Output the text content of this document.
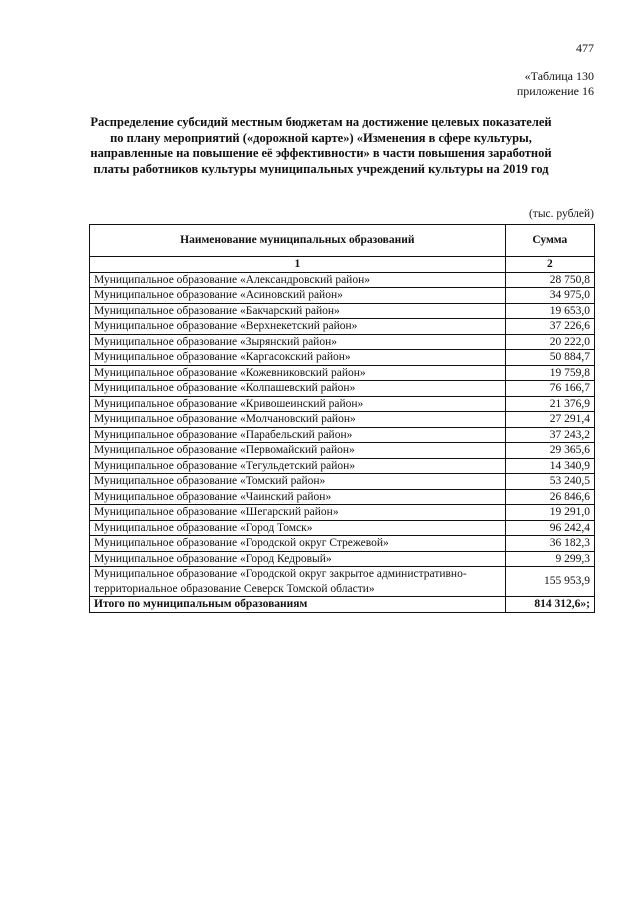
477
«Таблица 130
приложение 16
Распределение субсидий местным бюджетам на достижение целевых показателей по плану мероприятий («дорожной карте») «Изменения в сфере культуры, направленные на повышение её эффективности» в части повышения заработной платы работников культуры муниципальных учреждений культуры на 2019 год
(тыс. рублей)
Наименование муниципальных образований	Сумма
1	2
Муниципальное образование «Александровский район»	28 750,8
Муниципальное образование «Асиновский район»	34 975,0
Муниципальное образование «Бакчарский район»	19 653,0
Муниципальное образование «Верхнекетский район»	37 226,6
Муниципальное образование «Зырянский район»	20 222,0
Муниципальное образование «Каргасокский район»	50 884,7
Муниципальное образование «Кожевниковский район»	19 759,8
Муниципальное образование «Колпашевский район»	76 166,7
Муниципальное образование «Кривошеинский район»	21 376,9
Муниципальное образование «Молчановский район»	27 291,4
Муниципальное образование «Парабельский район»	37 243,2
Муниципальное образование «Первомайский район»	29 365,6
Муниципальное образование «Тегульдетский район»	14 340,9
Муниципальное образование «Томский район»	53 240,5
Муниципальное образование «Чаинский район»	26 846,6
Муниципальное образование «Шегарский район»	19 291,0
Муниципальное образование «Город Томск»	96 242,4
Муниципальное образование «Городской округ Стрежевой»	36 182,3
Муниципальное образование «Город Кедровый»	9 299,3
Муниципальное образование «Городской округ закрытое административно-территориальное образование Северск Томской области»	155 953,9
Итого по муниципальным образованиям	814 312,6»;
